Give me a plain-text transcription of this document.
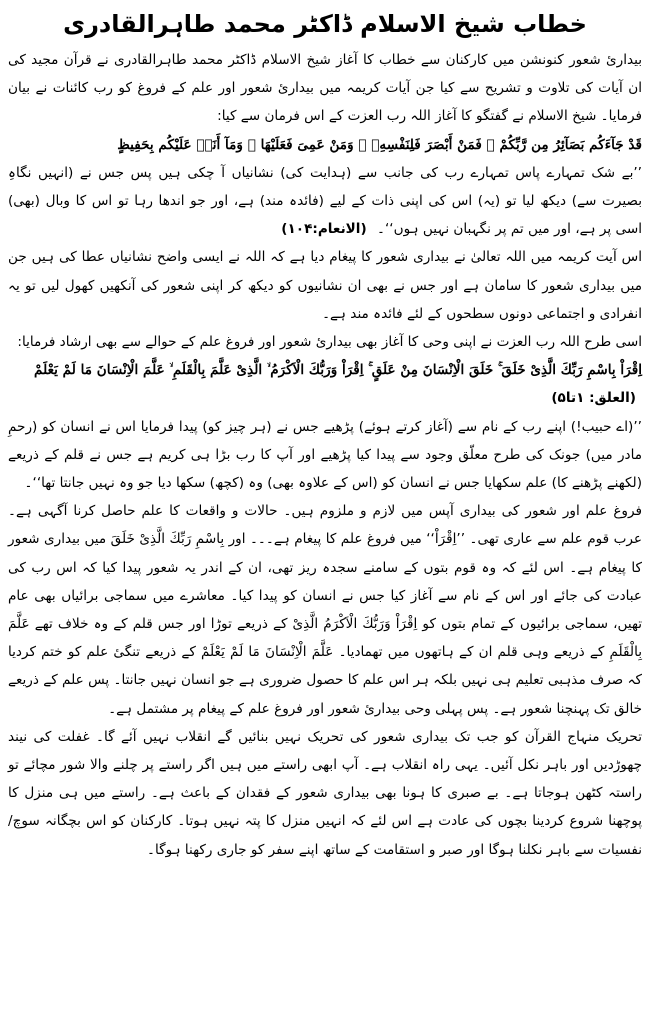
خطاب شیخ الاسلام ڈاکٹر محمد طاہرالقادری

بیداریٔ شعور کنونشن میں کارکنان سے خطاب کا آغاز شیخ الاسلام ڈاکٹر محمد طاہرالقادری نے قرآن مجید کی ان آیات کی تلاوت و تشریح سے کیا جن آیات کریمہ میں بیداریٔ شعور اور علم کے فروغ کو رب کائنات نے بیان فرمایا۔ شیخ الاسلام نے گفتگو کا آغاز اللہ رب العزت کے اس فرمان سے کیا:

قَدْ جَآءَكُم بَصَآئِرُ مِن رَّبِّكُمْ ۖ فَمَنْ أَبْصَرَ فَلِنَفْسِهِۦ ۖ وَمَنْ عَمِىَ فَعَلَيْهَا ۚ وَمَآ أَنَا۠ عَلَيْكُم بِحَفِيظٍ

’’بے شک تمہارے پاس تمہارے رب کی جانب سے (ہدایت کی) نشانیاں آ چکی ہیں پس جس نے (انہیں نگاہِ بصیرت سے) دیکھ لیا تو (یہ) اس کی اپنی ذات کے لیے (فائدہ مند) ہے، اور جو اندھا رہا تو اس کا وبال (بھی) اسی پر ہے، اور میں تم پر نگہبان نہیں ہوں‘‘۔ (الانعام:۱۰۴)

اس آیت کریمہ میں اللہ تعالیٰ نے بیداری شعور کا پیغام دیا ہے کہ اللہ نے ایسی واضح نشانیاں عطا کی ہیں جن میں بیداری شعور کا سامان ہے اور جس نے بھی ان نشانیوں کو دیکھ کر اپنی شعور کی آنکھیں کھول لیں تو یہ انفرادی و اجتماعی دونوں سطحوں کے لئے فائدہ مند ہے۔

اسی طرح اللہ رب العزت نے اپنی وحی کا آغاز بھی بیداریٔ شعور اور فروغ علم کے حوالے سے بھی ارشاد فرمایا:

اِقْرَاْ بِاسْمِ رَبِّكَ الَّذِىْ خَلَقَ ۚ خَلَقَ الْاِنْسَانَ مِنْ عَلَقٍ ۚ اِقْرَاْ وَرَبُّكَ الْاَكْرَمُ ۙ الَّذِىْ عَلَّمَ بِالْقَلَمِ ۙ عَلَّمَ الْاِنْسَانَ مَا لَمْ يَعْلَمْ (العلق: ۱تا۵)

’’(اے حبیب!) اپنے رب کے نام سے (آغاز کرتے ہوئے) پڑھیے جس نے (ہر چیز کو) پیدا فرمایا اس نے انسان کو (رحمِ مادر میں) جونک کی طرح معلّق وجود سے پیدا کیا پڑھیے اور آپ کا رب بڑا ہی کریم ہے جس نے قلم کے ذریعے (لکھنے پڑھنے کا) علم سکھایا جس نے انسان کو (اس کے علاوہ بھی) وہ (کچھ) سکھا دیا جو وہ نہیں جانتا تھا‘‘۔

فروغ علم اور شعور کی بیداری آپس میں لازم و ملزوم ہیں۔ حالات و واقعات کا علم حاصل کرنا آگہی ہے۔ عرب قوم علم سے عاری تھی۔ ’’اِقْرَاْ‘‘ میں فروغ علم کا پیغام ہے۔۔۔ اور بِاسْمِ رَبِّكَ الَّذِىْ خَلَقَ میں بیداری شعور کا پیغام ہے۔ اس لئے کہ وہ قوم بتوں کے سامنے سجدہ ریز تھی، ان کے اندر یہ شعور پیدا کیا کہ اس رب کی عبادت کی جائے اور اس کے نام سے آغاز کیا جس نے انسان کو پیدا کیا۔ معاشرے میں سماجی برائیاں بھی عام تھیں، سماجی برائیوں کے تمام بتوں کو اِقْرَاْ وَرَبُّكَ الْاَكْرَمُ الَّذِىْ کے ذریعے توڑا اور جس قلم کے وہ خلاف تھے عَلَّمَ بِالْقَلَمِ کے ذریعے وہی قلم ان کے ہاتھوں میں تھمادیا۔ عَلَّمَ الْاِنْسَانَ مَا لَمْ يَعْلَمْ کے ذریعے تنگیٔ علم کو ختم کردیا کہ صرف مذہبی تعلیم ہی نہیں بلکہ ہر اس علم کا حصول ضروری ہے جو انسان نہیں جانتا۔ پس علم کے ذریعے خالق تک پہنچنا شعور ہے۔ پس پہلی وحی بیداریٔ شعور اور فروغ علم کے پیغام پر مشتمل ہے۔

تحریک منہاج القرآن کو جب تک بیداری شعور کی تحریک نہیں بنائیں گے انقلاب نہیں آئے گا۔ غفلت کی نیند چھوڑدیں اور باہر نکل آئیں۔ یہی راہ انقلاب ہے۔ آپ ابھی راستے میں ہیں اگر راستے پر چلنے والا شور مچائے تو راستہ کٹھن ہوجاتا ہے۔ بے صبری کا ہونا بھی بیداری شعور کے فقدان کے باعث ہے۔ راستے میں ہی منزل کا پوچھنا شروع کردینا بچوں کی عادت ہے اس لئے کہ انہیں منزل کا پتہ نہیں ہوتا۔ کارکنان کو اس بچگانہ سوچ/ نفسیات سے باہر نکلنا ہوگا اور صبر و استقامت کے ساتھ اپنے سفر کو جاری رکھنا ہوگا۔
